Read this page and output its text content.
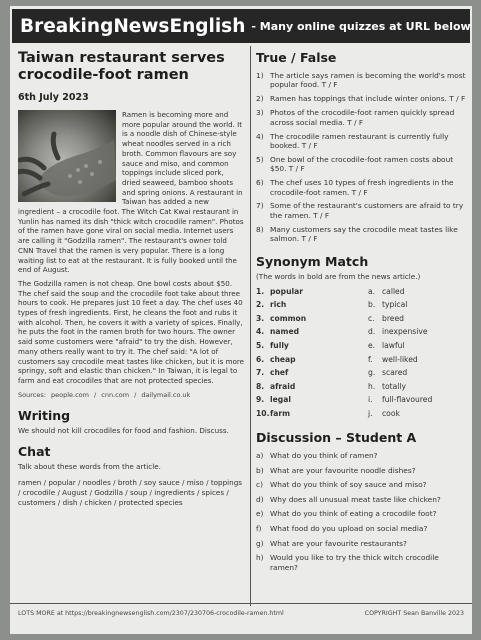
BreakingNewsEnglish - Many online quizzes at URL below
Taiwan restaurant serves crocodile-foot ramen
6th July 2023

Ramen is becoming more and more popular around the world. It is a noodle dish of Chinese-style wheat noodles served in a rich broth. Common flavours are soy sauce and miso, and common toppings include sliced pork, dried seaweed, bamboo shoots and spring onions. A restaurant in Taiwan has added a new ingredient – a crocodile foot. The Witch Cat Kwai restaurant in Yunlin has named its dish "thick witch crocodile ramen". Photos of the ramen have gone viral on social media. Internet users are calling it "Godzilla ramen". The restaurant's owner told CNN Travel that the ramen is very popular. There is a long waiting list to eat at the restaurant. It is fully booked until the end of August.

The Godzilla ramen is not cheap. One bowl costs about $50. The chef said the soup and the crocodile foot take about three hours to cook. He prepares just 10 feet a day. The chef uses 40 types of fresh ingredients. First, he cleans the foot and rubs it with alcohol. Then, he covers it with a variety of spices. Finally, he puts the foot in the ramen broth for two hours. The owner said some customers were "afraid" to try the dish. However, many others really want to try it. The chef said: "A lot of customers say crocodile meat tastes like chicken, but it is more springy, soft and elastic than chicken." In Taiwan, it is legal to farm and eat crocodiles that are not protected species.

Sources: people.com / cnn.com / dailymail.co.uk
Writing

We should not kill crocodiles for food and fashion. Discuss.

Chat

Talk about these words from the article.

ramen / popular / noodles / broth / soy sauce / miso / toppings / crocodile / August / Godzilla / soup / ingredients / spices / customers / dish / chicken / protected species
True / False
1) The article says ramen is becoming the world's most popular food. T / F
2) Ramen has toppings that include winter onions. T / F
3) Photos of the crocodile-foot ramen quickly spread across social media. T / F
4) The crocodile ramen restaurant is currently fully booked. T / F
5) One bowl of the crocodile-foot ramen costs about $50. T / F
6) The chef uses 10 types of fresh ingredients in the crocodile-foot ramen. T / F
7) Some of the restaurant's customers are afraid to try the ramen. T / F
8) Many customers say the crocodile meat tastes like salmon. T / F
Synonym Match
(The words in bold are from the news article.)
1. popular	a. called
2. rich	b. typical
3. common	c. breed
4. named	d. inexpensive
5. fully	e. lawful
6. cheap	f. well-liked
7. chef	g. scared
8. afraid	h. totally
9. legal	i. full-flavoured
10.farm	j. cook
Discussion – Student A
a) What do you think of ramen?
b) What are your favourite noodle dishes?
c) What do you think of soy sauce and miso?
d) Why does all unusual meat taste like chicken?
e) What do you think of eating a crocodile foot?
f)	What food do you upload on social media?
g) What are your favourite restaurants?
h) Would you like to try the thick witch crocodile ramen?
LOTS MORE at https://breakingnewsenglish.com/2307/230706-crocodile-ramen.html	COPYRIGHT Sean Banville 2023
